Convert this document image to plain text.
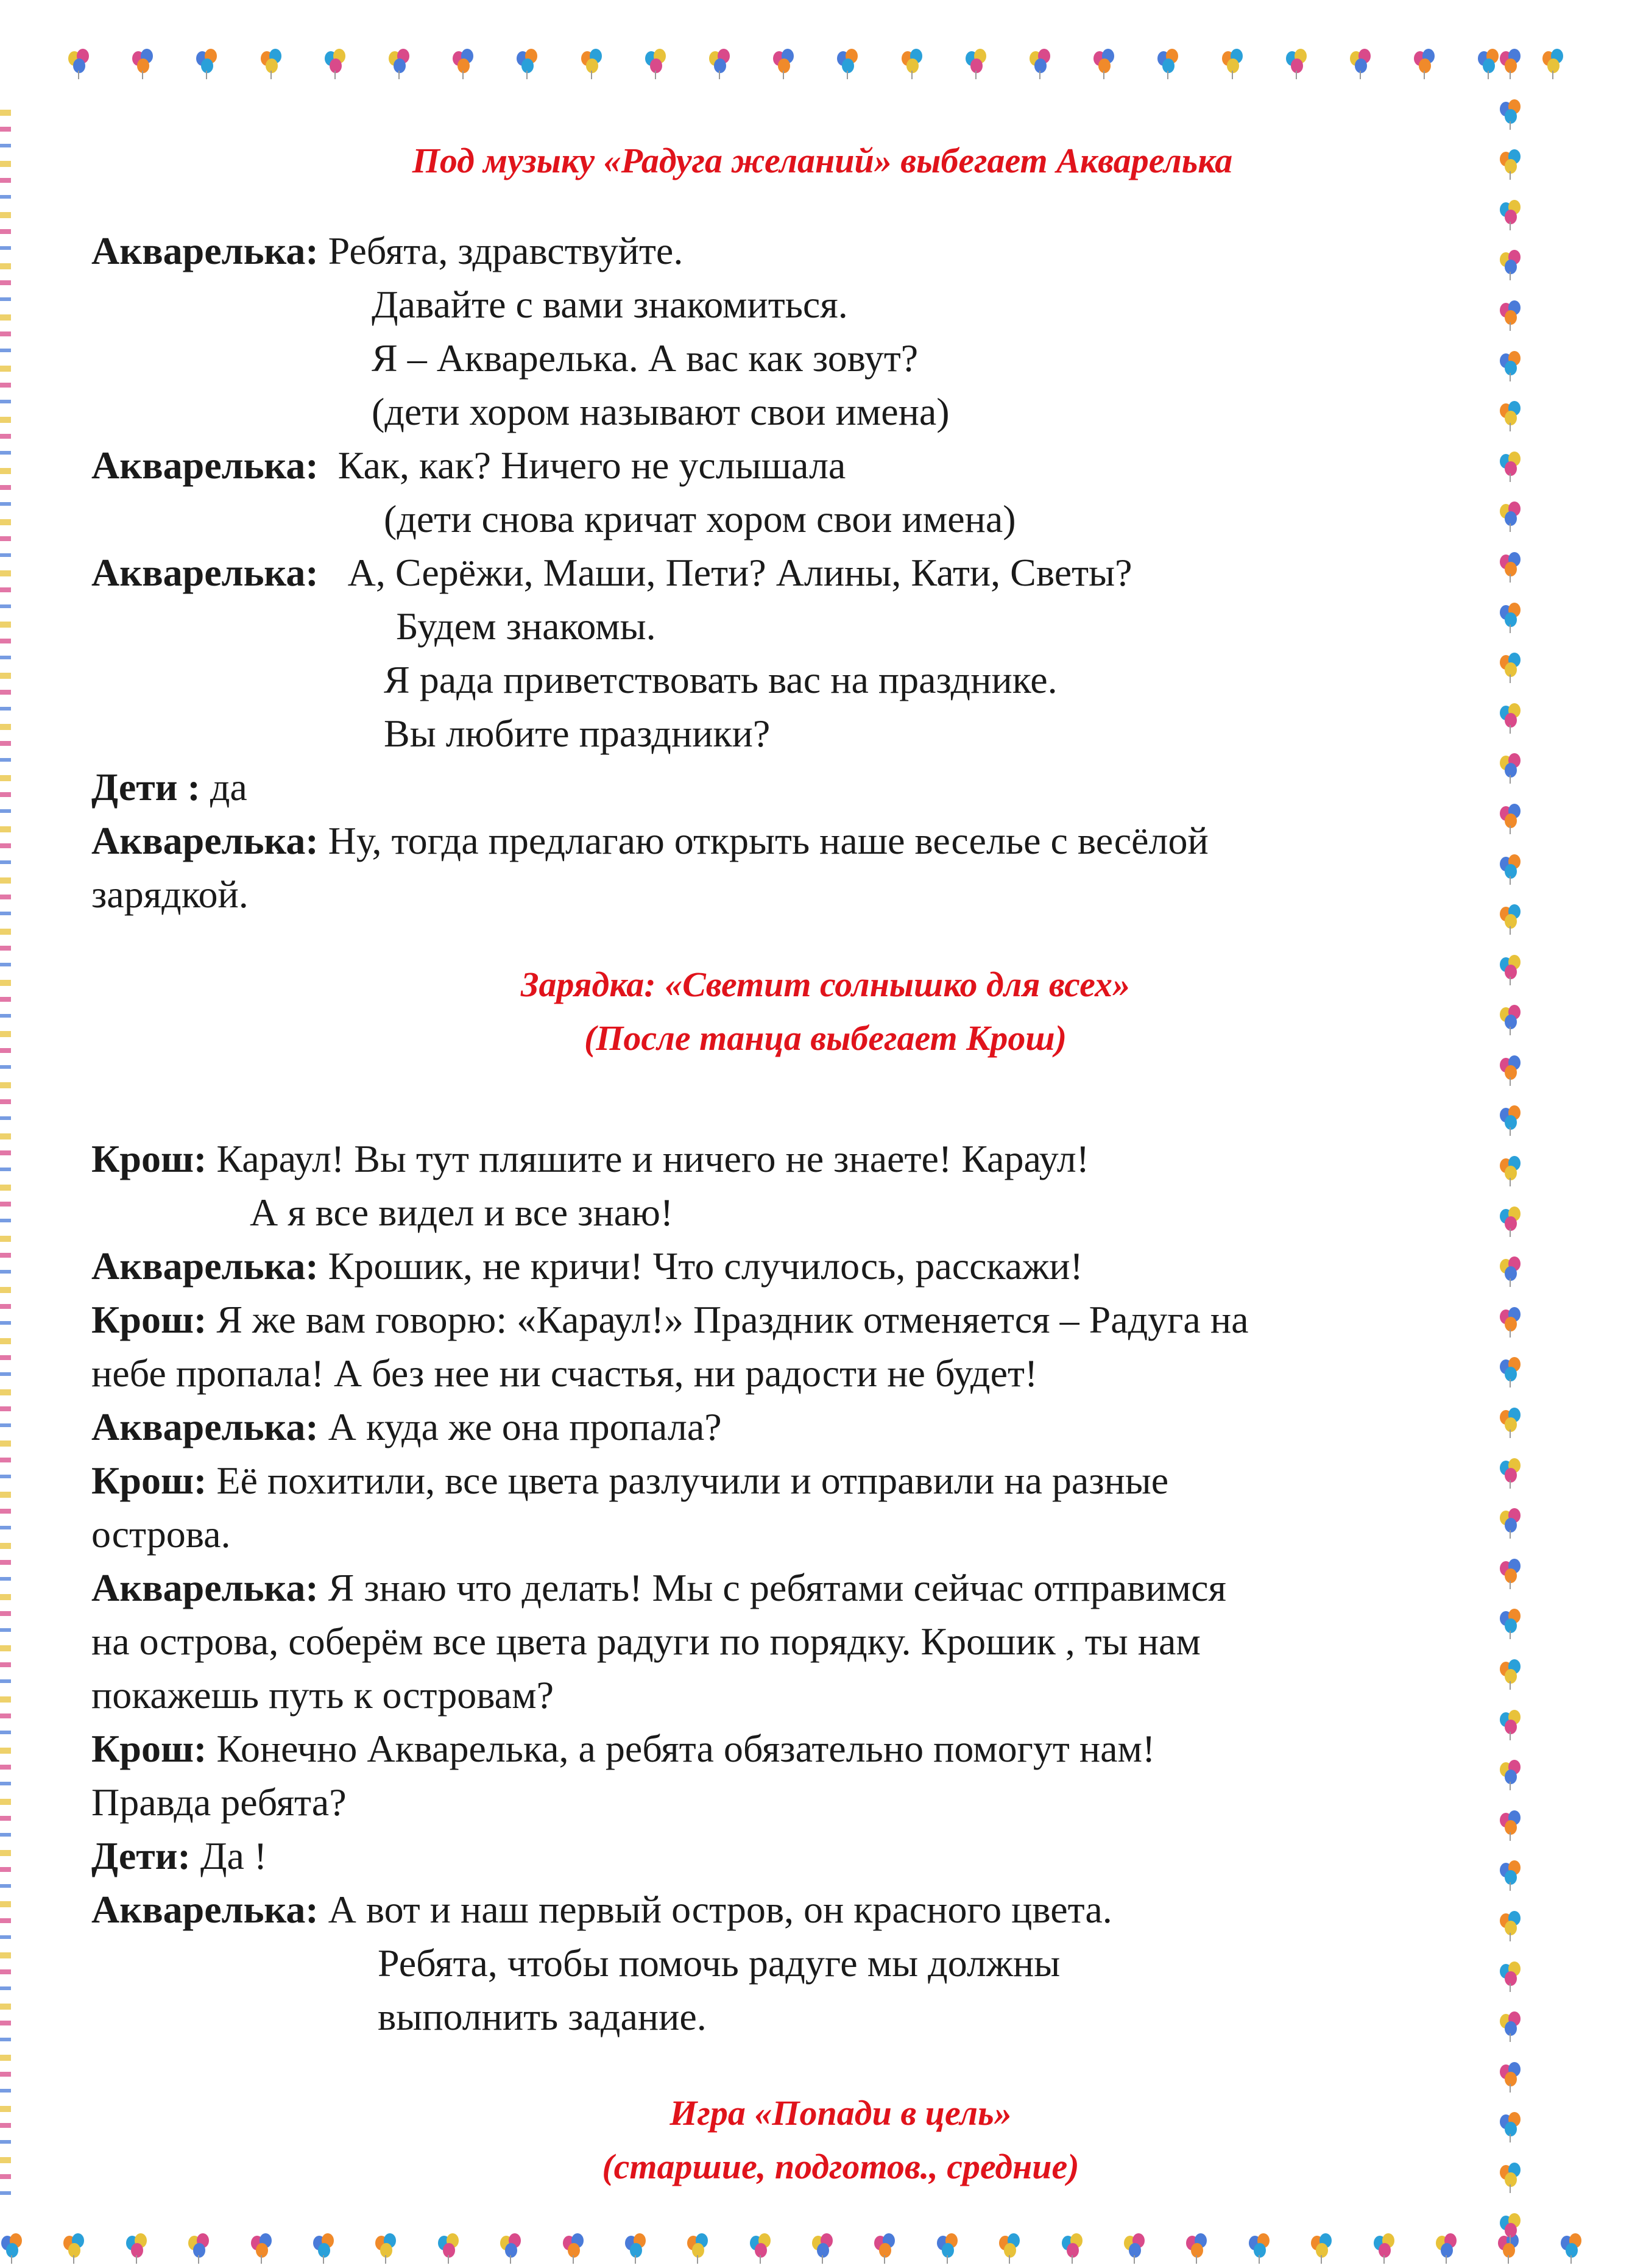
Под музыку «Радуга желаний» выбегает Акварелька
Акварелька: Ребята, здравствуйте.
Давайте с вами знакомиться.
Я – Акварелька. А вас как зовут?
(дети хором называют свои имена)
Акварелька: Как, как? Ничего не услышала
(дети снова кричат хором свои имена)
Акварелька: А, Серёжи, Маши, Пети? Алины, Кати, Светы?
Будем знакомы.
Я рада приветствовать вас на празднике.
Вы любите праздники?
Дети : да
Акварелька: Ну, тогда предлагаю открыть наше веселье с весёлой
зарядкой.
Зарядка: «Светит солнышко для всех»
(После танца выбегает Крош)
Крош: Караул! Вы тут пляшите и ничего не знаете! Караул!
А я все видел и все знаю!
Акварелька: Крошик, не кричи! Что случилось, расскажи!
Крош: Я же вам говорю: «Караул!» Праздник отменяется – Радуга на
небе пропала! А без нее ни счастья, ни радости не будет!
Акварелька: А куда же она пропала?
Крош: Её похитили, все цвета разлучили и отправили на разные
острова.
Акварелька: Я знаю что делать! Мы с ребятами сейчас отправимся
на острова, соберём все цвета радуги по порядку. Крошик , ты нам
покажешь путь к островам?
Крош: Конечно Акварелька, а ребята обязательно помогут нам!
Правда ребята?
Дети: Да !
Акварелька: А вот и наш первый остров, он красного цвета.
Ребята, чтобы помочь радуге мы должны
выполнить задание.
Игра «Попади в цель»
(старшие, подготов., средние)
